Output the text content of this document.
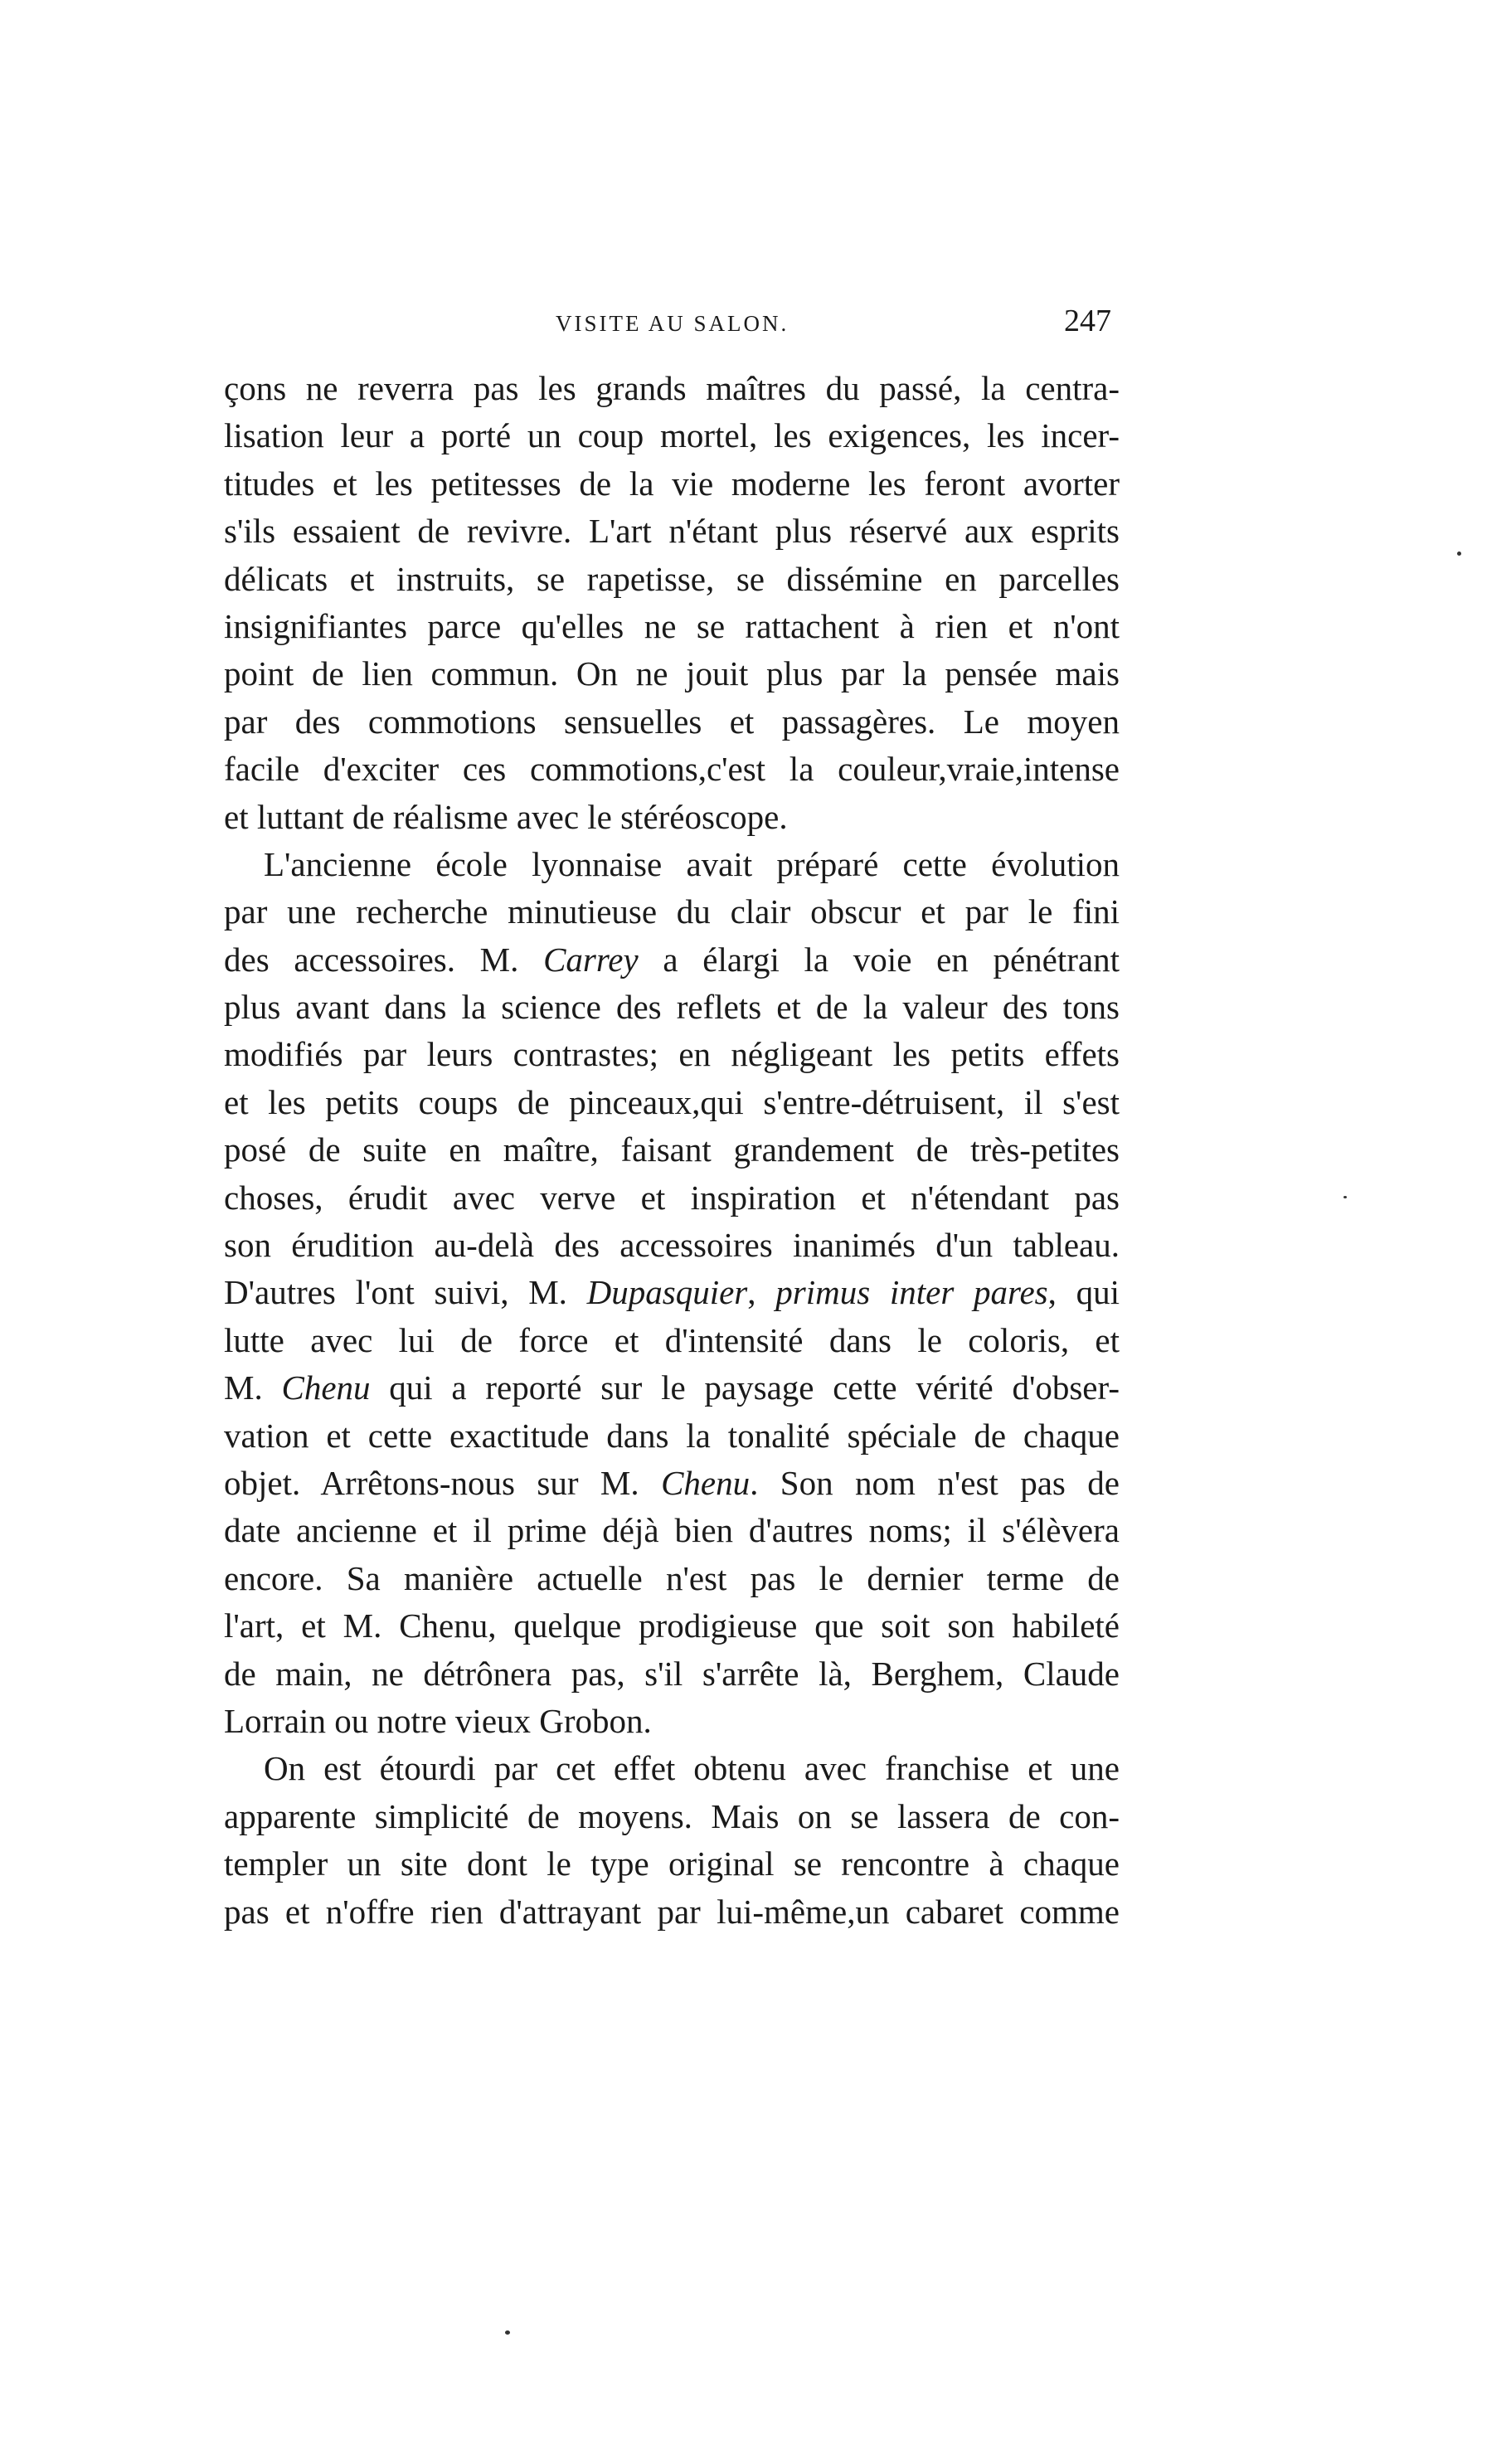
VISITE AU SALON.	247
çons ne reverra pas les grands maîtres du passé, la centra-
lisation leur a porté un coup mortel, les exigences, les incer-
titudes et les petitesses de la vie moderne les feront avorter
s'ils essaient de revivre. L'art n'étant plus réservé aux esprits
délicats et instruits, se rapetisse, se dissémine en parcelles
insignifiantes parce qu'elles ne se rattachent à rien et n'ont
point de lien commun. On ne jouit plus par la pensée mais
par des commotions sensuelles et passagères. Le moyen
facile d'exciter ces commotions,c'est la couleur,vraie,intense
et luttant de réalisme avec le stéréoscope.
L'ancienne école lyonnaise avait préparé cette évolution
par une recherche minutieuse du clair obscur et par le fini
des accessoires. M. Carrey a élargi la voie en pénétrant
plus avant dans la science des reflets et de la valeur des tons
modifiés par leurs contrastes; en négligeant les petits effets
et les petits coups de pinceaux,qui s'entre-détruisent, il s'est
posé de suite en maître, faisant grandement de très-petites
choses, érudit avec verve et inspiration et n'étendant pas
son érudition au-delà des accessoires inanimés d'un tableau.
D'autres l'ont suivi, M. Dupasquier, primus inter pares, qui
lutte avec lui de force et d'intensité dans le coloris, et
M. Chenu qui a reporté sur le paysage cette vérité d'obser-
vation et cette exactitude dans la tonalité spéciale de chaque
objet. Arrêtons-nous sur M. Chenu. Son nom n'est pas de
date ancienne et il prime déjà bien d'autres noms; il s'élèvera
encore. Sa manière actuelle n'est pas le dernier terme de
l'art, et M. Chenu, quelque prodigieuse que soit son habileté
de main, ne détrônera pas, s'il s'arrête là, Berghem, Claude
Lorrain ou notre vieux Grobon.
On est étourdi par cet effet obtenu avec franchise et une
apparente simplicité de moyens. Mais on se lassera de con-
templer un site dont le type original se rencontre à chaque
pas et n'offre rien d'attrayant par lui-même,un cabaret comme
